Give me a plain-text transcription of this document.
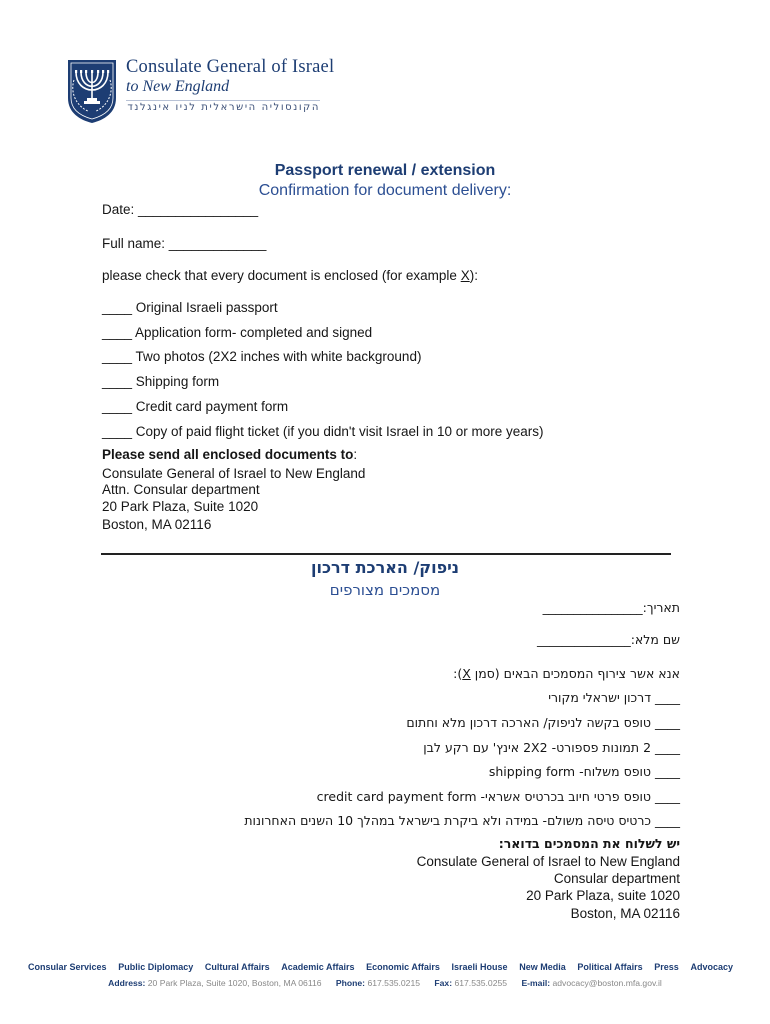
Consulate General of Israel
to New England
הקונסוליה הישראלית לניו אינגלנד
Passport renewal / extension
Confirmation for document delivery:
Date: ________________
Full name: _____________
please check that every document is enclosed (for example X):
____ Original Israeli passport
____ Application form- completed and signed
____ Two photos (2X2 inches with white background)
____ Shipping form
____ Credit card payment form
____ Copy of paid flight ticket (if you didn't visit Israel in 10 or more years)
Please send all enclosed documents to:
Consulate General of Israel to New England
Attn. Consular department
20 Park Plaza, Suite 1020
Boston, MA 02116
ניפוק/ הארכת דרכון
מסמכים מצורפים
תאריך:________________
שם מלא:_______________
אנא אשר צירוף המסמכים הבאים (סמן X):
____ דרכון ישראלי מקורי
____ טופס בקשה לניפוק/ הארכה דרכון מלא וחתום
____ 2 תמונות פספורט- 2X2 אינץ' עם רקע לבן
____ טופס משלוח- shipping form
____ טופס פרטי חיוב בכרטיס אשראי- credit card payment form
____ כרטיס טיסה משולם- במידה ולא ביקרת בישראל במהלך 10 השנים האחרונות
יש לשלוח את המסמכים בדואר:
Consulate General of Israel to New England
Consular department
20 Park Plaza, suite 1020
Boston, MA 02116
Consular Services Public Diplomacy Cultural Affairs Academic Affairs Economic Affairs Israeli House New Media Political Affairs Press Advocacy
Address: 20 Park Plaza, Suite 1020, Boston, MA 06116 Phone: 617.535.0215 Fax: 617.535.0255 E-mail: advocacy@boston.mfa.gov.il
